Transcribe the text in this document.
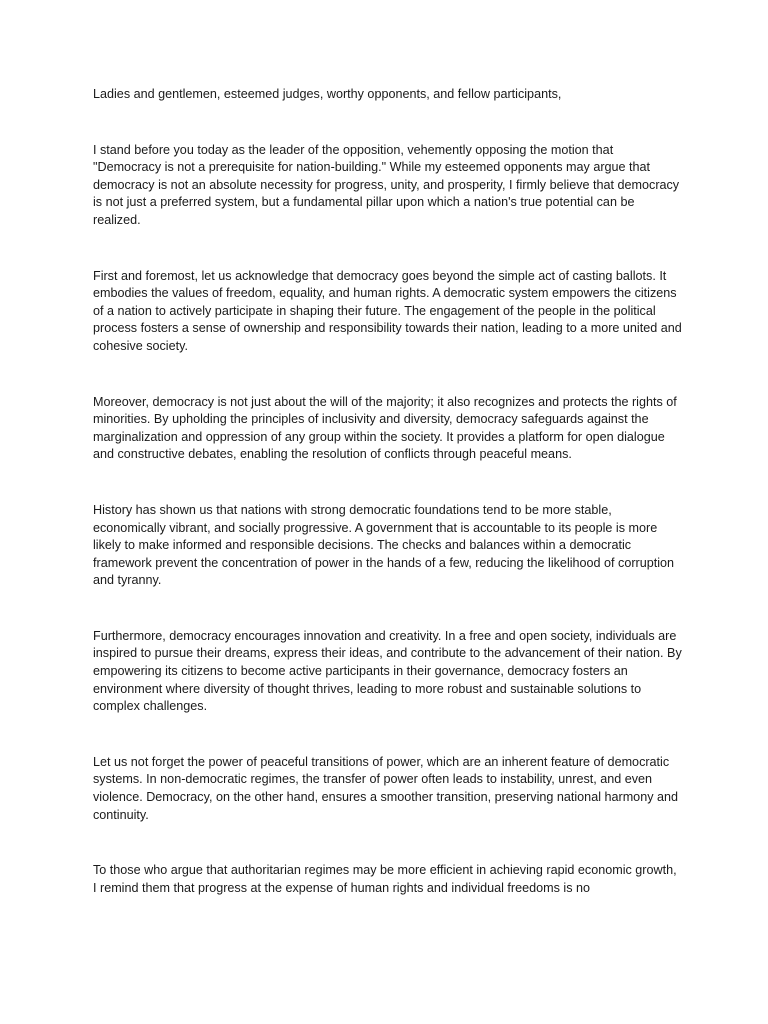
Ladies and gentlemen, esteemed judges, worthy opponents, and fellow participants,

I stand before you today as the leader of the opposition, vehemently opposing the motion that "Democracy is not a prerequisite for nation-building." While my esteemed opponents may argue that democracy is not an absolute necessity for progress, unity, and prosperity, I firmly believe that democracy is not just a preferred system, but a fundamental pillar upon which a nation's true potential can be realized.

First and foremost, let us acknowledge that democracy goes beyond the simple act of casting ballots. It embodies the values of freedom, equality, and human rights. A democratic system empowers the citizens of a nation to actively participate in shaping their future. The engagement of the people in the political process fosters a sense of ownership and responsibility towards their nation, leading to a more united and cohesive society.

Moreover, democracy is not just about the will of the majority; it also recognizes and protects the rights of minorities. By upholding the principles of inclusivity and diversity, democracy safeguards against the marginalization and oppression of any group within the society. It provides a platform for open dialogue and constructive debates, enabling the resolution of conflicts through peaceful means.

History has shown us that nations with strong democratic foundations tend to be more stable, economically vibrant, and socially progressive. A government that is accountable to its people is more likely to make informed and responsible decisions. The checks and balances within a democratic framework prevent the concentration of power in the hands of a few, reducing the likelihood of corruption and tyranny.

Furthermore, democracy encourages innovation and creativity. In a free and open society, individuals are inspired to pursue their dreams, express their ideas, and contribute to the advancement of their nation. By empowering its citizens to become active participants in their governance, democracy fosters an environment where diversity of thought thrives, leading to more robust and sustainable solutions to complex challenges.

Let us not forget the power of peaceful transitions of power, which are an inherent feature of democratic systems. In non-democratic regimes, the transfer of power often leads to instability, unrest, and even violence. Democracy, on the other hand, ensures a smoother transition, preserving national harmony and continuity.

To those who argue that authoritarian regimes may be more efficient in achieving rapid economic growth, I remind them that progress at the expense of human rights and individual freedoms is no
